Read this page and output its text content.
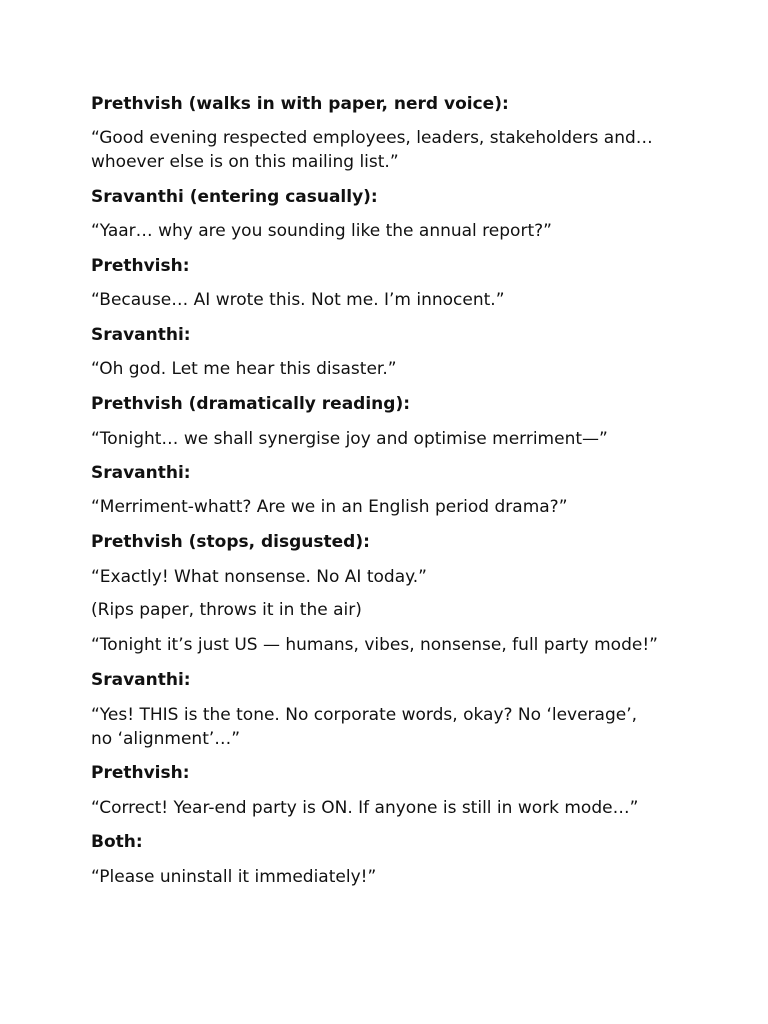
Prethvish (walks in with paper, nerd voice):
“Good evening respected employees, leaders, stakeholders and…
whoever else is on this mailing list.”
Sravanthi (entering casually):
“Yaar… why are you sounding like the annual report?”
Prethvish:
“Because… AI wrote this. Not me. I’m innocent.”
Sravanthi:
“Oh god. Let me hear this disaster.”
Prethvish (dramatically reading):
“Tonight… we shall synergise joy and optimise merriment—”
Sravanthi:
“Merriment-whatt? Are we in an English period drama?”
Prethvish (stops, disgusted):
“Exactly! What nonsense. No AI today.”
(Rips paper, throws it in the air)
“Tonight it’s just US — humans, vibes, nonsense, full party mode!”
Sravanthi:
“Yes! THIS is the tone. No corporate words, okay? No ‘leverage’,
no ‘alignment’…”
Prethvish:
“Correct! Year-end party is ON. If anyone is still in work mode…”
Both:
“Please uninstall it immediately!”
